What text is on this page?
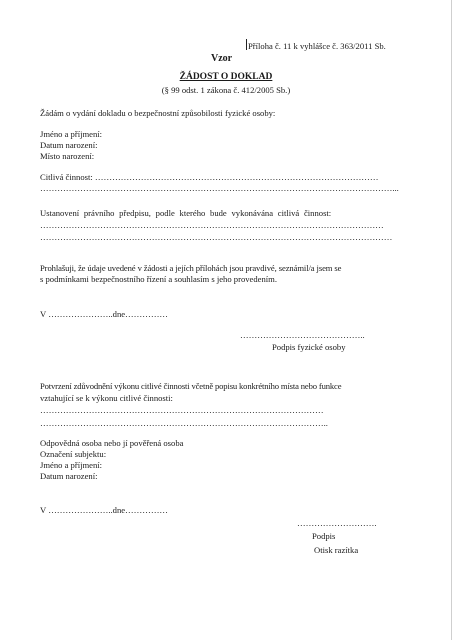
Příloha č. 11 k vyhlášce č. 363/2011 Sb.
Vzor
ŽÁDOST O DOKLAD
(§ 99 odst. 1 zákona č. 412/2005 Sb.)
Žádám o vydání dokladu o bezpečnostní způsobilosti fyzické osoby:
Jméno a příjmení:
Datum narození:
Místo narození:
Citlivá činnost: ………………………………………………………………………………………
……………………………………………………………………………………………………………...
Ustanovení právního předpisu, podle kterého bude vykonávána citlivá činnost:
…………………………………………………………………………………………………………
……………………………………………………………………………………………………………
Prohlašuji, že údaje uvedené v žádosti a jejích přílohách jsou pravdivé, seznámil/a jsem se
s podmínkami bezpečnostního řízení a souhlasím s jeho provedením.
V …………………..dne……………
……………………………………..
Podpis fyzické osoby
Potvrzení zdůvodnění výkonu citlivé činnosti včetně popisu konkrétního místa nebo funkce
vztahující se k výkonu citlivé činnosti:
………………………………………………………………………………………
………………………………………………………………………………………..
Odpovědná osoba nebo jí pověřená osoba
Označení subjektu:
Jméno a příjmení:
Datum narození:
V …………………..dne……………
……………………….
Podpis
Otisk razítka
